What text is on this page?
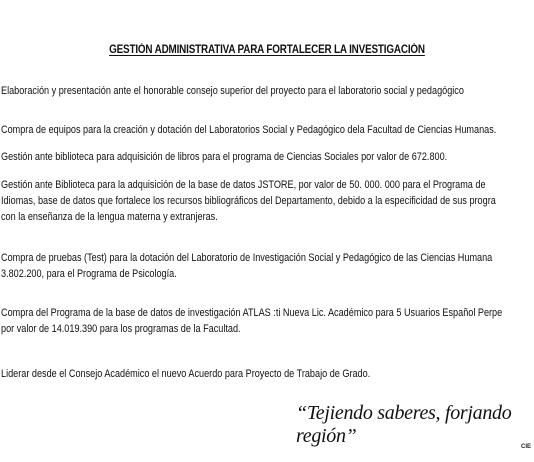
GESTIÓN ADMINISTRATIVA PARA FORTALECER LA INVESTIGACIÓN
Elaboración y presentación ante el honorable consejo superior del proyecto para el laboratorio social y pedagógico
Compra de equipos para la creación y dotación del Laboratorios Social y Pedagógico dela Facultad de Ciencias Humanas.
Gestión ante biblioteca para adquisición de libros para el programa de Ciencias Sociales por valor de 672.800.
Gestión ante Biblioteca para la adquisición de la base de datos JSTORE, por valor de 50. 000. 000 para el Programa de
Idiomas, base de datos que fortalece los recursos bibliográficos del Departamento, debido a la especificidad de sus progra
con la enseñanza de la lengua materna y extranjeras.
Compra de pruebas (Test) para la dotación del Laboratorio de Investigación Social y Pedagógico de las Ciencias Humana
3.802.200, para el Programa de Psicología.
Compra del Programa de la base de datos de investigación ATLAS :ti Nueva Lic. Académico para 5 Usuarios Español Perpe
por valor de 14.019.390 para los programas de la Facultad.
Liderar desde el Consejo Académico el nuevo Acuerdo para Proyecto de Trabajo de Grado.
“Tejiendo saberes, forjando región”	CIE
